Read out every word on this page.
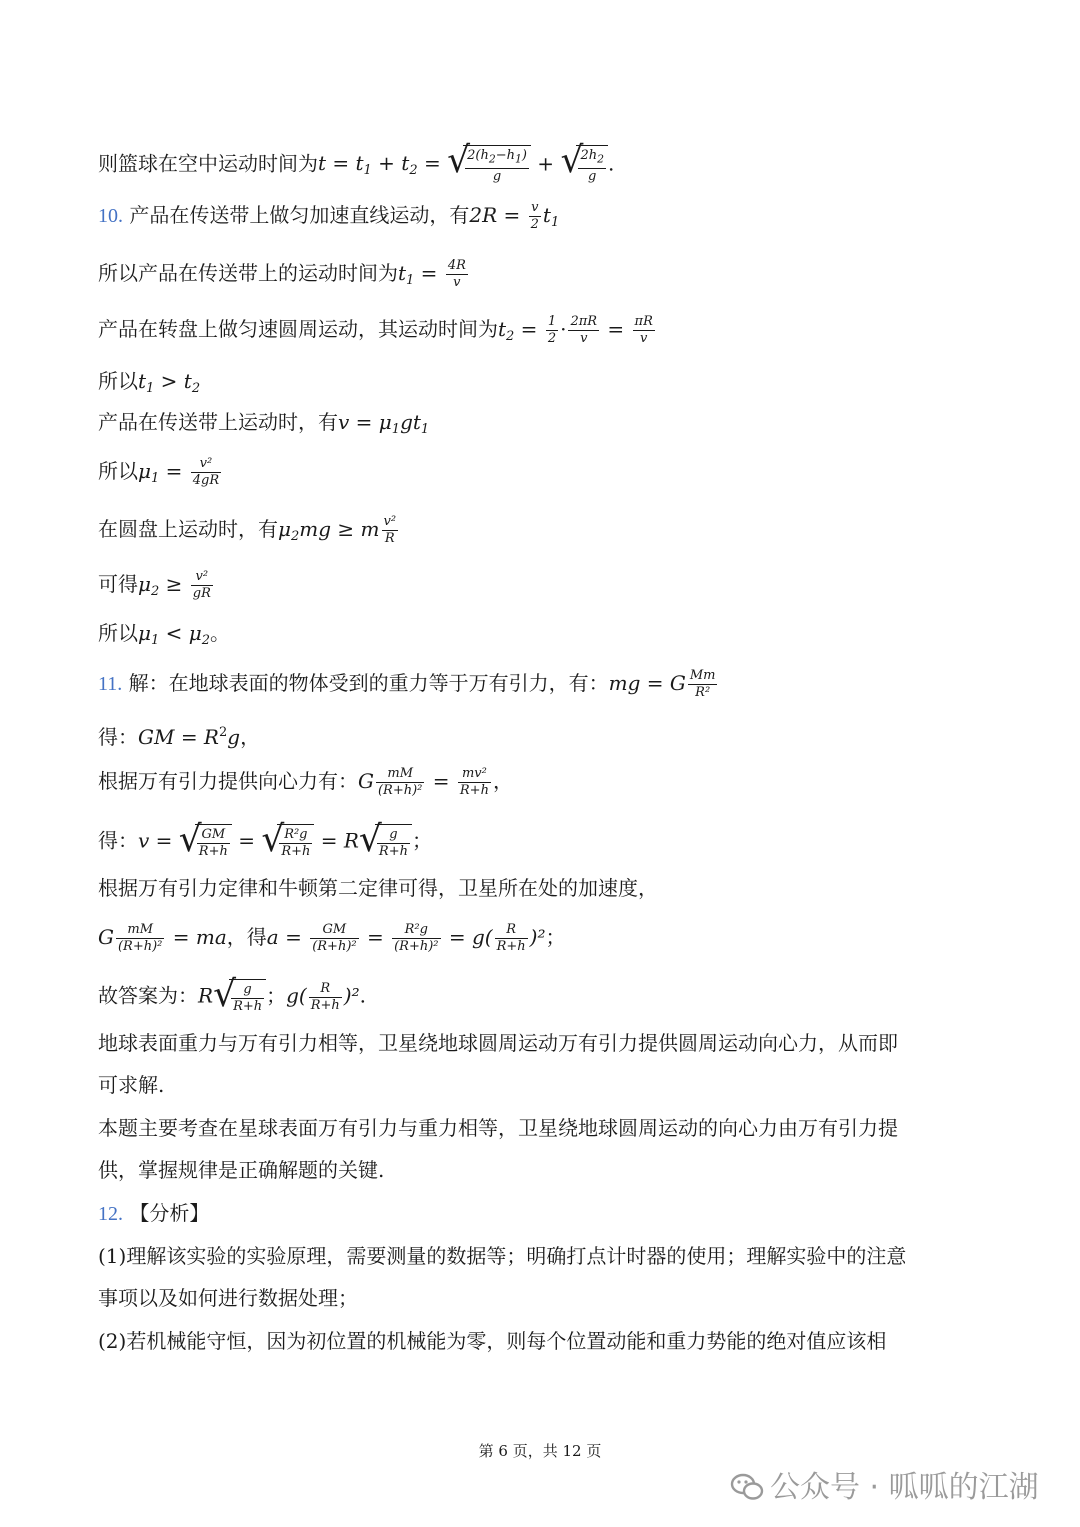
则篮球在空中运动时间为$t = t_1 + t_2$ = √
$\frac{2(h_2-h_1)}{g}$ + √
$\frac{2h_2}{g}$ .
10. 产品在传送带上做匀加速直线运动，有$2R = \frac{v}{2} t_1$
所以产品在传送带上的运动时间为$t_1 = \frac{4R}{v}$
产品在转盘上做匀速圆周运动，其运动时间为$t_2 = \frac{1}{2} \cdot \frac{2\pi R}{v} = \frac{\pi R}{v}$
所以$t_1 > t_2$
产品在传送带上运动时，有$v = \mu_1gt_1$
所以$\mu_1 = \frac{\text{v²}}{4gR}$
在圆盘上运动时，有$\mu_2mg \ge m \frac{\text{v²}}{R}$
可得$\mu_2 \ge \frac{\text{v²}}{gR}$
所以$\mu_1 < \mu_2$。
11. 解：在地球表面的物体受到的重力等于万有引力，有：mg = G $\frac{Mm}{\text{R²}}$
得：GM = $R^2g$，
根据万有引力提供向心力有：G $\frac{mM}{\text{(R+h)²}} = \frac{\text{mv²}}{R+h}$ ，
得：v = √
$\frac{GM}{R+h}$ = √
$\frac{\text{R²g}}{R+h} = R$ √
$\frac{g}{R+h}$ ；
根据万有引力定律和牛顿第二定律可得，卫星所在处的加速度，
G $\frac{mM}{\text{(R+h)²}}$ = ma，得$a = \frac{GM}{\text{(R+h)²}} = \frac{\text{R²g}}{\text{(R+h)²}} = g( \frac{R}{R+h} )^2$；
故答案为：R √
$\frac{g}{R+h}$ ；$g( \frac{R}{R+h} )^2$.
地球表面重力与万有引力相等，卫星绕地球圆周运动万有引力提供圆周运动向心力，从而即
可求解.
本题主要考查在星球表面万有引力与重力相等，卫星绕地球圆周运动的向心力由万有引力提
供，掌握规律是正确解题的关键.
12. 【分析】
(1)理解该实验的实验原理，需要测量的数据等；明确打点计时器的使用；理解实验中的注意
事项以及如何进行数据处理；
(2)若机械能守恒，因为初位置的机械能为零，则每个位置动能和重力势能的绝对值应该相
第 6 页，共 12 页
公众号 · 呱呱的江湖
